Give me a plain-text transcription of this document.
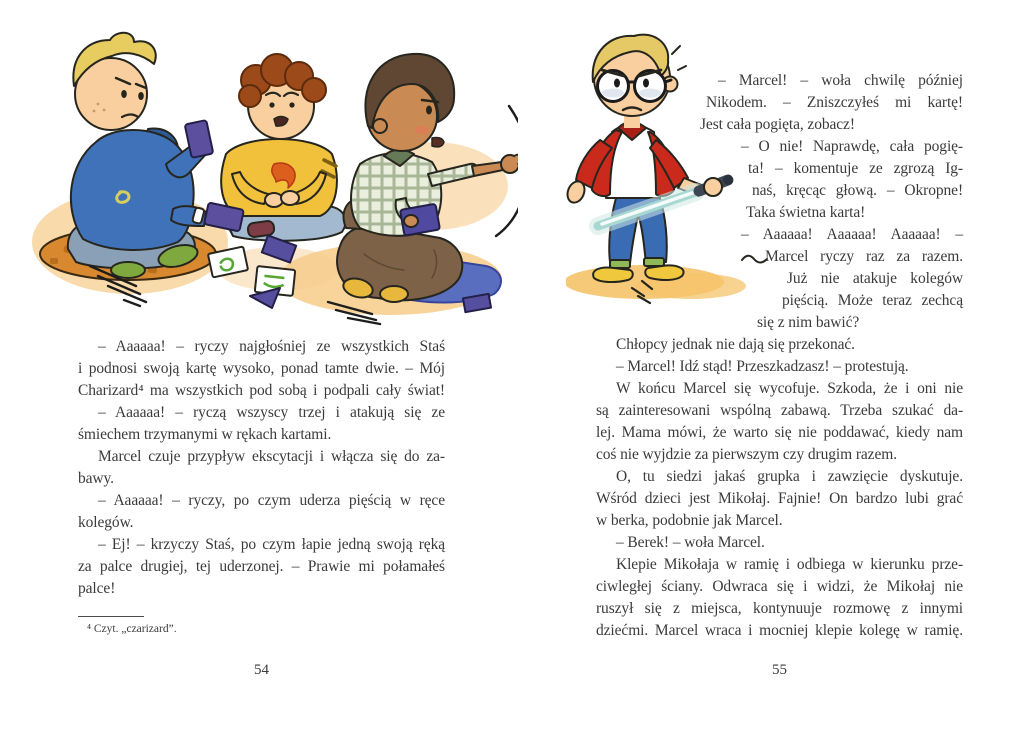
– Aaaaaa! – ryczy najgłośniej ze wszystkich Staś
i podnosi swoją kartę wysoko, ponad tamte dwie. – Mój
Charizard⁴ ma wszystkich pod sobą i podpali cały świat!
– Aaaaaa! – ryczą wszyscy trzej i atakują się ze
śmiechem trzymanymi w rękach kartami.
Marcel czuje przypływ ekscytacji i włącza się do za-
bawy.
– Aaaaaa! – ryczy, po czym uderza pięścią w ręce
kolegów.
– Ej! – krzyczy Staś, po czym łapie jedną swoją ręką
za palce drugiej, tej uderzonej. – Prawie mi połamałeś
palce!
⁴ Czyt. „czarizard”.
54
– Marcel! – woła chwilę później
Nikodem. – Zniszczyłeś mi kartę!
Jest cała pogięta, zobacz!
– O nie! Naprawdę, cała pogię-
ta! – komentuje ze zgrozą Ig-
naś, kręcąc głową. – Okropne!
Taka świetna karta!
– Aaaaaa! Aaaaaa! Aaaaaa! –
Marcel ryczy raz za razem.
Już nie atakuje kolegów
pięścią. Może teraz zechcą
się z nim bawić?
Chłopcy jednak nie dają się przekonać.
– Marcel! Idź stąd! Przeszkadzasz! – protestują.
W końcu Marcel się wycofuje. Szkoda, że i oni nie
są zainteresowani wspólną zabawą. Trzeba szukać da-
lej. Mama mówi, że warto się nie poddawać, kiedy nam
coś nie wyjdzie za pierwszym czy drugim razem.
O, tu siedzi jakaś grupka i zawzięcie dyskutuje.
Wśród dzieci jest Mikołaj. Fajnie! On bardzo lubi grać
w berka, podobnie jak Marcel.
– Berek! – woła Marcel.
Klepie Mikołaja w ramię i odbiega w kierunku prze-
ciwległej ściany. Odwraca się i widzi, że Mikołaj nie
ruszył się z miejsca, kontynuuje rozmowę z innymi
dziećmi. Marcel wraca i mocniej klepie kolegę w ramię.
55
